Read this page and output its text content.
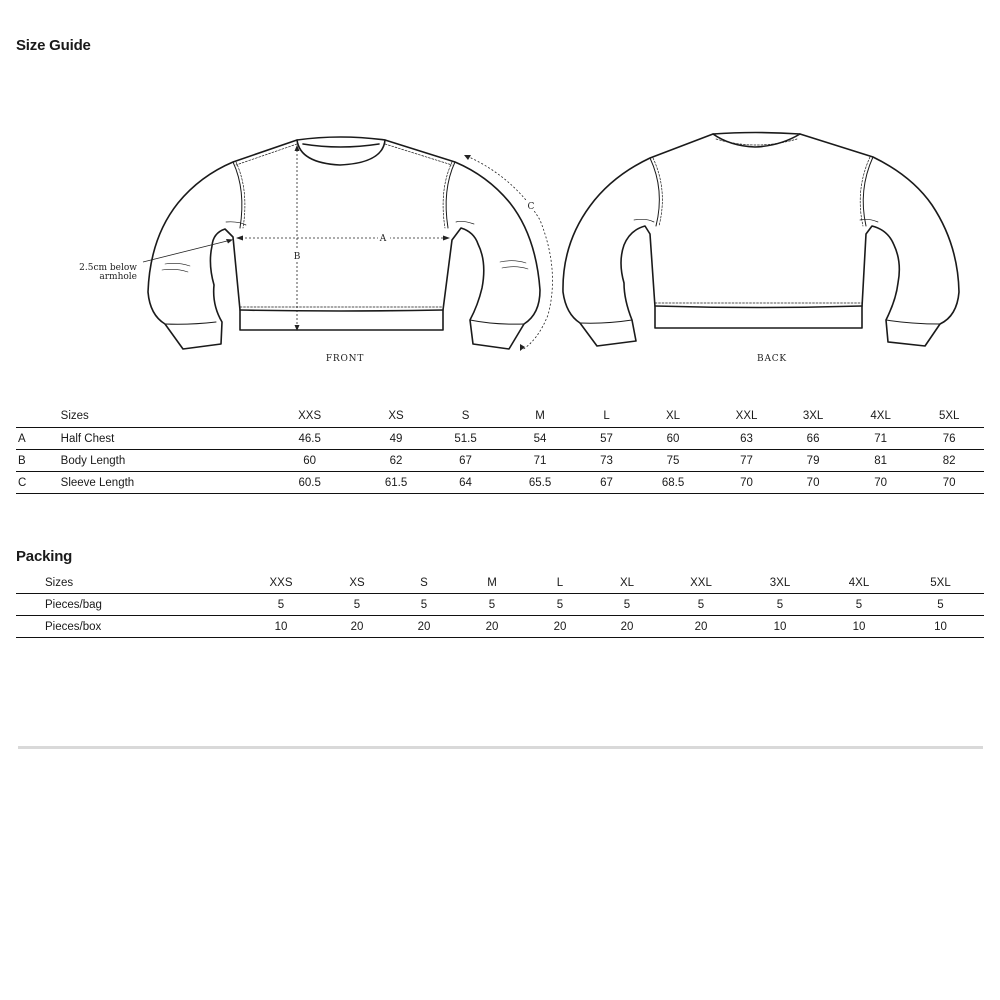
Size Guide
A
B
C
2.5cm below
armhole
FRONT	BACK
	Sizes	XXS	XS	S	M	L	XL	XXL	3XL	4XL	5XL
A	Half Chest	46.5	49	51.5	54	57	60	63	66	71	76
B	Body Length	60	62	67	71	73	75	77	79	81	82
C	Sleeve Length	60.5	61.5	64	65.5	67	68.5	70	70	70	70
Packing
Sizes	XXS	XS	S	M	L	XL	XXL	3XL	4XL	5XL
Pieces/bag	5	5	5	5	5	5	5	5	5	5
Pieces/box	10	20	20	20	20	20	20	10	10	10
